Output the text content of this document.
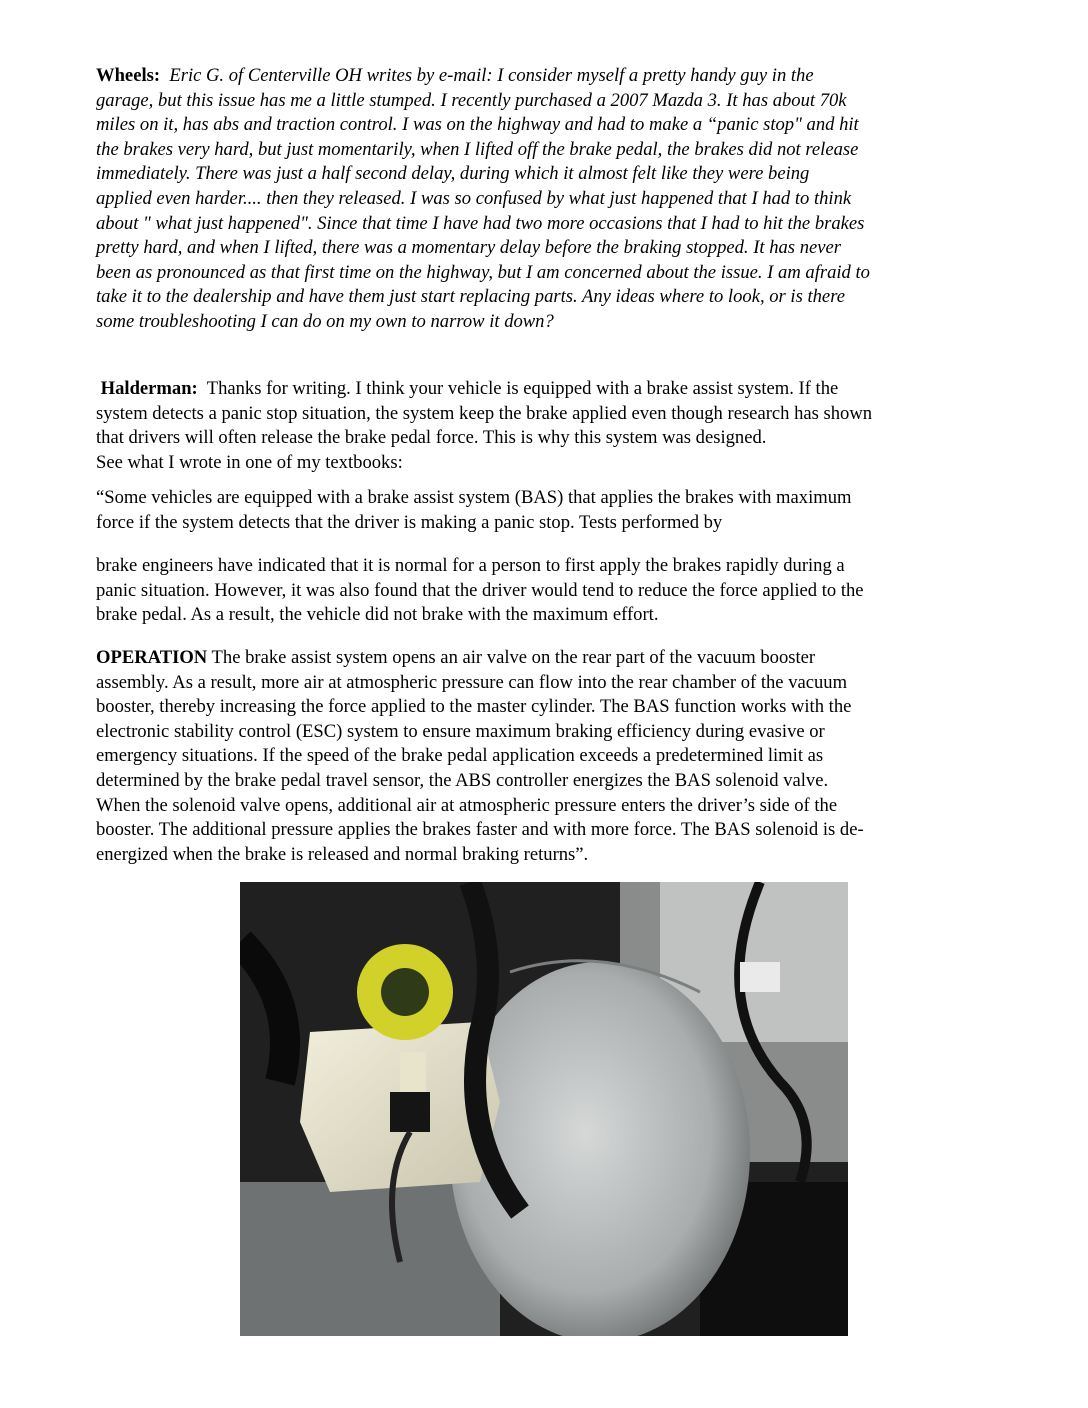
Wheels: Eric G. of Centerville OH writes by e-mail: I consider myself a pretty handy guy in the
garage, but this issue has me a little stumped. I recently purchased a 2007 Mazda 3. It has about 70k
miles on it, has abs and traction control. I was on the highway and had to make a “panic stop" and hit
the brakes very hard, but just momentarily, when I lifted off the brake pedal, the brakes did not release
immediately. There was just a half second delay, during which it almost felt like they were being
applied even harder.... then they released. I was so confused by what just happened that I had to think
about " what just happened". Since that time I have had two more occasions that I had to hit the brakes
pretty hard, and when I lifted, there was a momentary delay before the braking stopped. It has never
been as pronounced as that first time on the highway, but I am concerned about the issue. I am afraid to
take it to the dealership and have them just start replacing parts. Any ideas where to look, or is there
some troubleshooting I can do on my own to narrow it down?
Halderman:  Thanks for writing. I think your vehicle is equipped with a brake assist system. If the
system detects a panic stop situation, the system keep the brake applied even though research has shown
that drivers will often release the brake pedal force. This is why this system was designed.
See what I wrote in one of my textbooks:
“Some vehicles are equipped with a brake assist system (BAS) that applies the brakes with maximum
force if the system detects that the driver is making a panic stop. Tests performed by
brake engineers have indicated that it is normal for a person to first apply the brakes rapidly during a
panic situation. However, it was also found that the driver would tend to reduce the force applied to the
brake pedal. As a result, the vehicle did not brake with the maximum effort.
OPERATION The brake assist system opens an air valve on the rear part of the vacuum booster
assembly. As a result, more air at atmospheric pressure can flow into the rear chamber of the vacuum
booster, thereby increasing the force applied to the master cylinder. The BAS function works with the
electronic stability control (ESC) system to ensure maximum braking efficiency during evasive or
emergency situations. If the speed of the brake pedal application exceeds a predetermined limit as
determined by the brake pedal travel sensor, the ABS controller energizes the BAS solenoid valve.
When the solenoid valve opens, additional air at atmospheric pressure enters the driver’s side of the
booster. The additional pressure applies the brakes faster and with more force. The BAS solenoid is de-
energized when the brake is released and normal braking returns”.
